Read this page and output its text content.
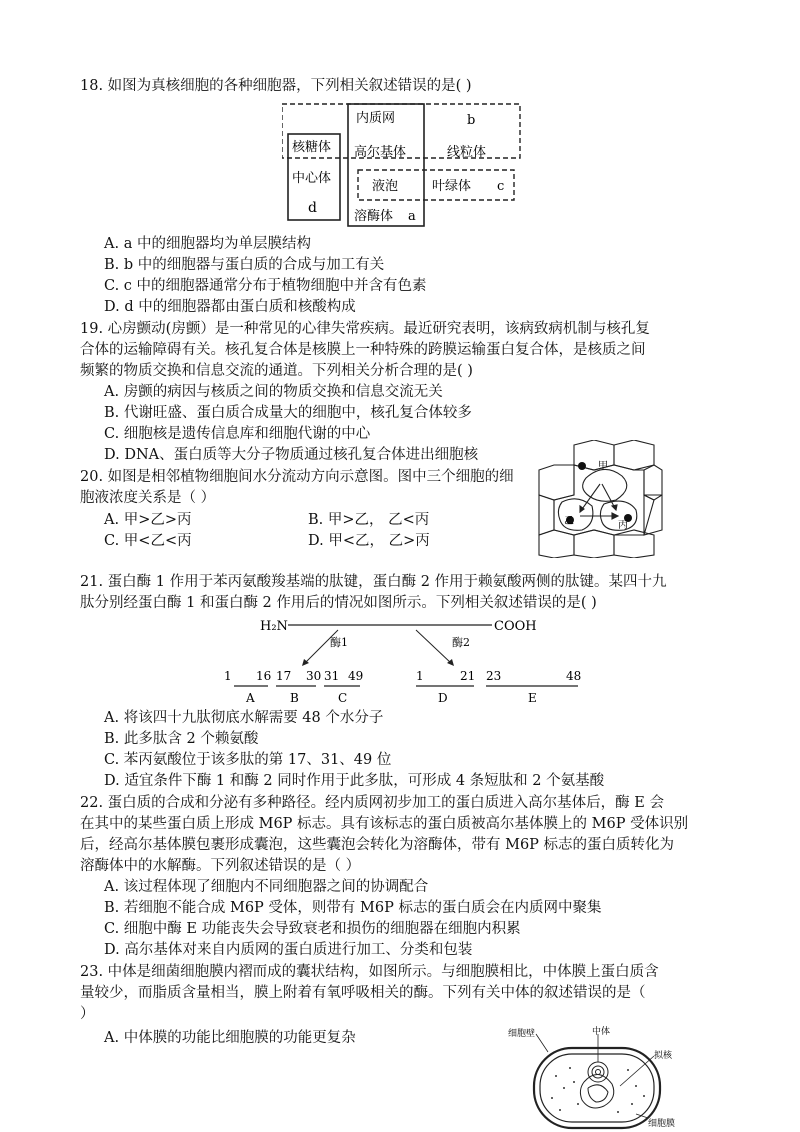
18. 如图为真核细胞的各种细胞器，下列相关叙述错误的是( )
核糖体
内质网	b
高尔基体	线粒体
中心体
d
液泡	叶绿体 c
溶酶体 a
A. a 中的细胞器均为单层膜结构
B. b 中的细胞器与蛋白质的合成与加工有关
C. c 中的细胞器通常分布于植物细胞中并含有色素
D. d 中的细胞器都由蛋白质和核酸构成
19. 心房颤动(房颤）是一种常见的心律失常疾病。最近研究表明，该病致病机制与核孔复
合体的运输障碍有关。核孔复合体是核膜上一种特殊的跨膜运输蛋白复合体，是核质之间
频繁的物质交换和信息交流的通道。下列相关分析合理的是( )
A. 房颤的病因与核质之间的物质交换和信息交流无关
B. 代谢旺盛、蛋白质合成量大的细胞中，核孔复合体较多
C. 细胞核是遗传信息库和细胞代谢的中心
D. DNA、蛋白质等大分子物质通过核孔复合体进出细胞核
20. 如图是相邻植物细胞间水分流动方向示意图。图中三个细胞的细
胞液浓度关系是（ ）
A. 甲>乙>丙	B. 甲>乙， 乙<丙
C. 甲<乙<丙	D. 甲<乙， 乙>丙
甲
乙	丙
21. 蛋白酶 1 作用于苯丙氨酸羧基端的肽键，蛋白酶 2 作用于赖氨酸两侧的肽键。某四十九
肽分别经蛋白酶 1 和蛋白酶 2 作用后的情况如图所示。下列相关叙述错误的是( )
H₂N	COOH
酶1	酶2
1 16 17 30 31 49	1	21 23	48
A	B	C	D	E
A. 将该四十九肽彻底水解需要 48 个水分子
B. 此多肽含 2 个赖氨酸
C. 苯丙氨酸位于该多肽的第 17、31、49 位
D. 适宜条件下酶 1 和酶 2 同时作用于此多肽，可形成 4 条短肽和 2 个氨基酸
22. 蛋白质的合成和分泌有多种路径。经内质网初步加工的蛋白质进入高尔基体后，酶 E 会
在其中的某些蛋白质上形成 M6P 标志。具有该标志的蛋白质被高尔基体膜上的 M6P 受体识别
后，经高尔基体膜包裹形成囊泡，这些囊泡会转化为溶酶体，带有 M6P 标志的蛋白质转化为
溶酶体中的水解酶。下列叙述错误的是（ ）
A. 该过程体现了细胞内不同细胞器之间的协调配合
B. 若细胞不能合成 M6P 受体，则带有 M6P 标志的蛋白质会在内质网中聚集
C. 细胞中酶 E 功能丧失会导致衰老和损伤的细胞器在细胞内积累
D. 高尔基体对来自内质网的蛋白质进行加工、分类和包装
23. 中体是细菌细胞膜内褶而成的囊状结构，如图所示。与细胞膜相比，中体膜上蛋白质含
量较少，而脂质含量相当，膜上附着有氧呼吸相关的酶。下列有关中体的叙述错误的是（
）
A. 中体膜的功能比细胞膜的功能更复杂	细胞壁	中体
拟核
细胞膜
